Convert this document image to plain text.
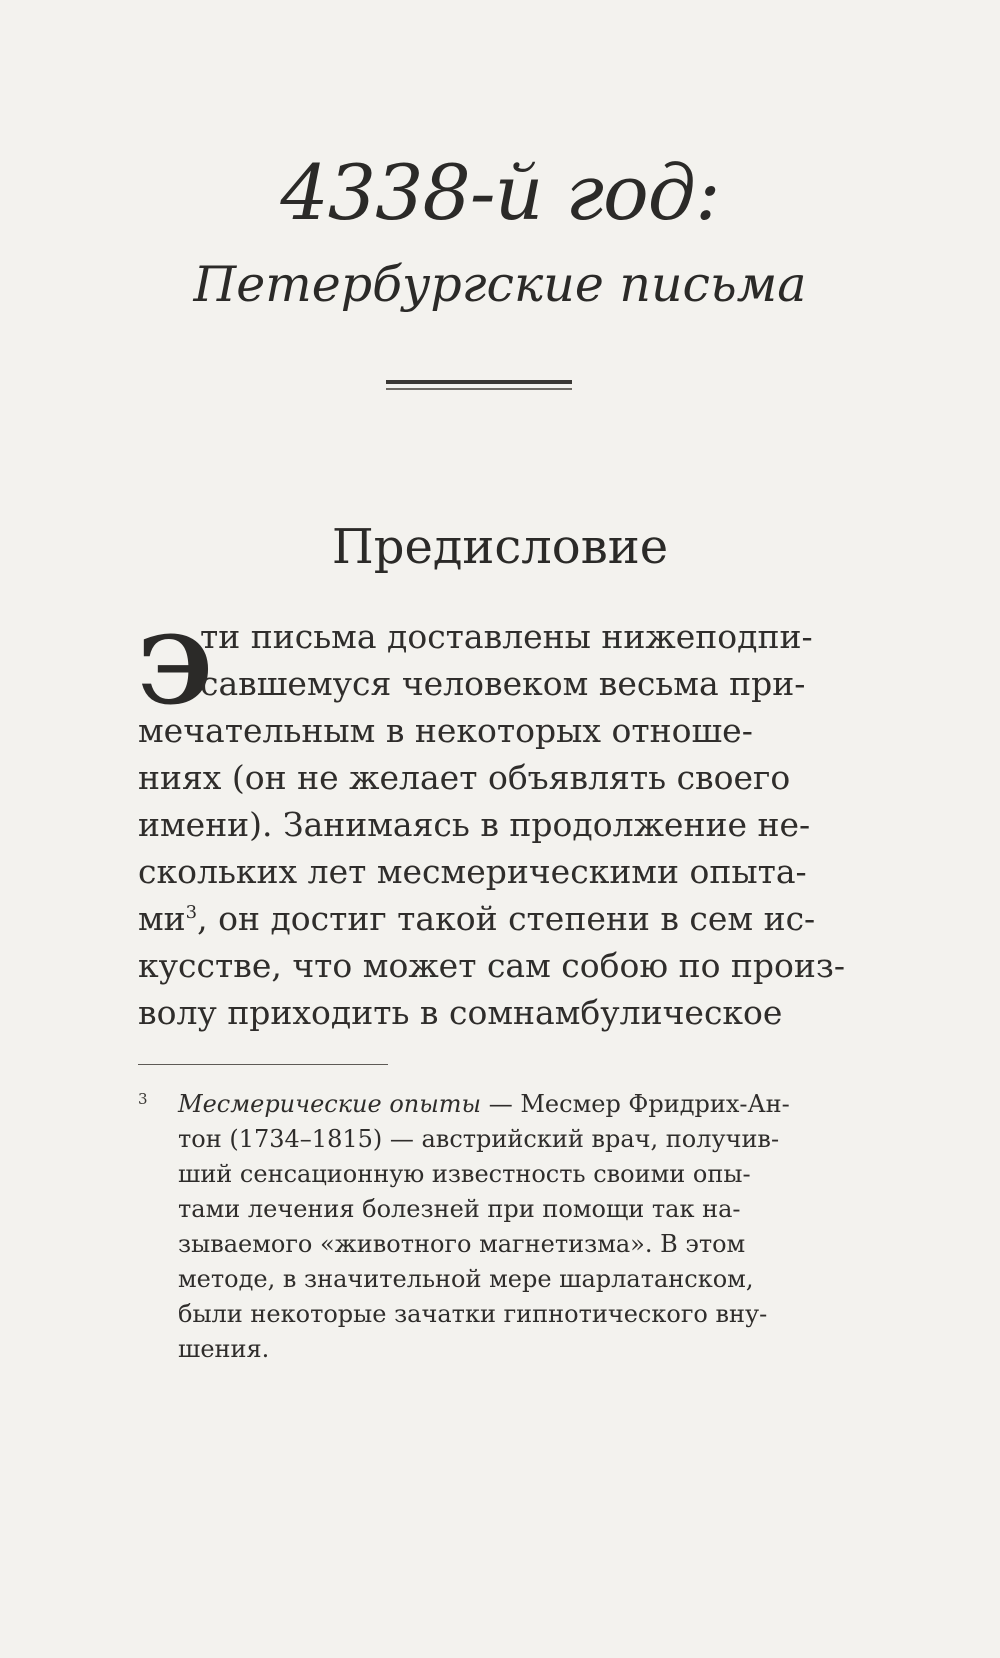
4338-й год:
Петербургские письма
Предисловие
Э
ти письма доставлены нижеподпи-
савшемуся человеком весьма при-
мечательным в некоторых отноше-
ниях (он не желает объявлять своего
имени). Занимаясь в продолжение не-
скольких лет месмерическими опыта-
ми$^3$, он достиг такой степени в сем ис-
кусстве, что может сам собою по произ-
волу приходить в сомнамбулическое
3 Месмерические опыты — Месмер Фридрих-Ан-
тон (1734–1815) — австрийский врач, получив-
ший сенсационную известность своими опы-
тами лечения болезней при помощи так на-
зываемого «животного магнетизма». В этом
методе, в значительной мере шарлатанском,
были некоторые зачатки гипнотического вну-
шения.
